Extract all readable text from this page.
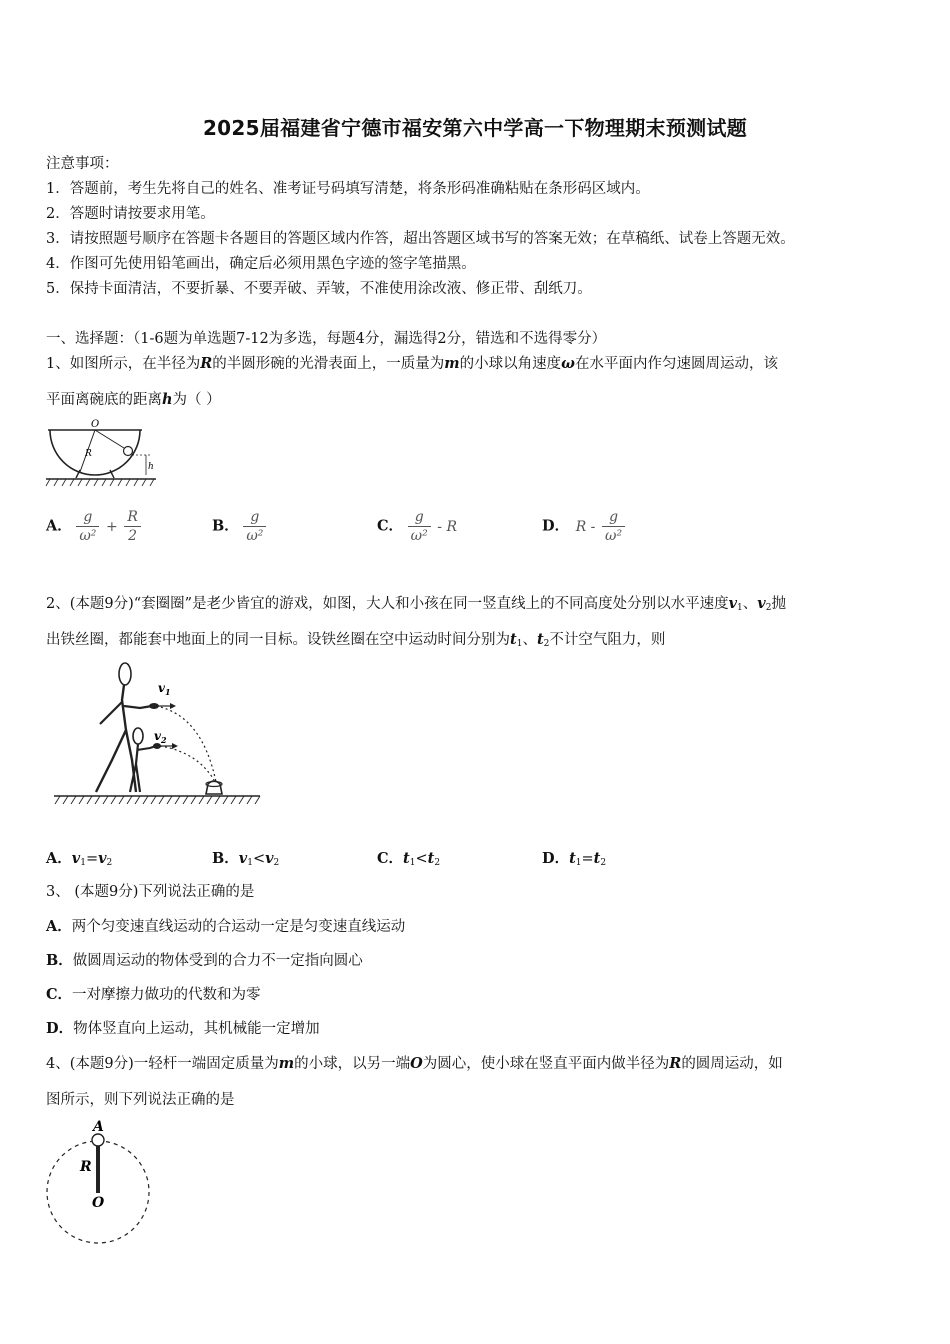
2025届福建省宁德市福安第六中学高一下物理期末预测试题
注意事项：
1．答题前，考生先将自己的姓名、准考证号码填写清楚，将条形码准确粘贴在条形码区域内。
2．答题时请按要求用笔。
3．请按照题号顺序在答题卡各题目的答题区域内作答，超出答题区域书写的答案无效；在草稿纸、试卷上答题无效。
4．作图可先使用铅笔画出，确定后必须用黑色字迹的签字笔描黑。
5．保持卡面清洁，不要折暴、不要弄破、弄皱，不准使用涂改液、修正带、刮纸刀。
一、选择题：（1-6题为单选题7-12为多选，每题4分，漏选得2分，错选和不选得零分）
1、如图所示，在半径为R的半圆形碗的光滑表面上，一质量为m的小球以角速度ω在水平面内作匀速圆周运动，该
平面离碗底的距离h为（ ）
O
R
h
A． $\frac{g}{\text{ω²}} + \frac{R}{2}$	B． $\frac{g}{\text{ω²}}$	C． $\frac{g}{\text{ω²}}$ - R	D． R - $\frac{g}{\text{ω²}}$
2、(本题9分)“套圈圈”是老少皆宜的游戏，如图，大人和小孩在同一竖直线上的不同高度处分别以水平速度$v_1$、$v_2$抛
出铁丝圈，都能套中地面上的同一目标。设铁丝圈在空中运动时间分别为$t_1$、$t_2$不计空气阻力，则
$v_1$
$v_2$
A．$v_1=v_2$	B．$v_1<v_2$	C．$t_1<t_2$	D．$t_1=t_2$
3、 (本题9分)下列说法正确的是
A．两个匀变速直线运动的合运动一定是匀变速直线运动
B．做圆周运动的物体受到的合力不一定指向圆心
C．一对摩擦力做功的代数和为零
D．物体竖直向上运动，其机械能一定增加
4、(本题9分)一轻杆一端固定质量为m的小球，以另一端O为圆心，使小球在竖直平面内做半径为R的圆周运动，如
图所示，则下列说法正确的是
A
R
O
